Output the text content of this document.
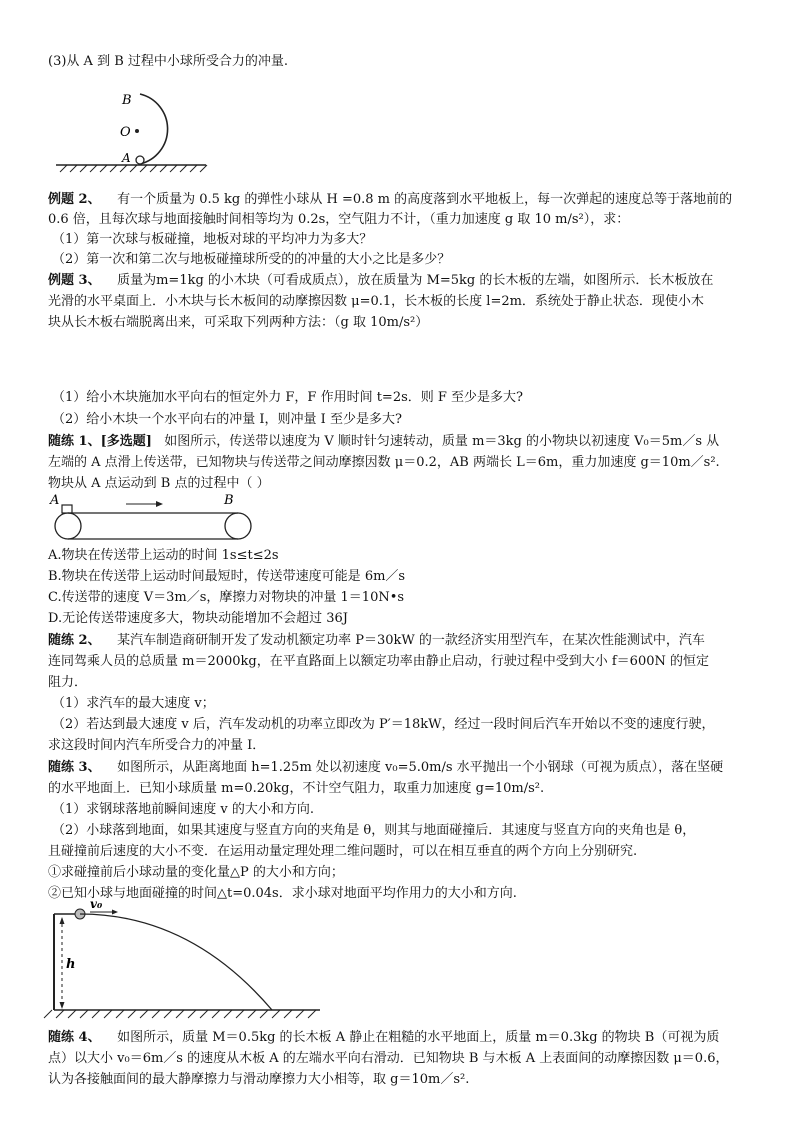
(3)从 A 到 B 过程中小球所受合力的冲量.
B
O
A
例题 2、 有一个质量为 0.5 kg 的弹性小球从 H =0.8 m 的高度落到水平地板上，每一次弹起的速度总等于落地前的
0.6 倍，且每次球与地面接触时间相等均为 0.2s，空气阻力不计，（重力加速度 g 取 10 m/s²），求：
（1）第一次球与板碰撞，地板对球的平均冲力为多大？
（2）第一次和第二次与地板碰撞球所受的的冲量的大小之比是多少？
例题 3、 质量为m=1kg 的小木块（可看成质点），放在质量为 M=5kg 的长木板的左端，如图所示．长木板放在
光滑的水平桌面上．小木块与长木板间的动摩擦因数 μ=0.1，长木板的长度 l=2m．系统处于静止状态．现使小木
块从长木板右端脱离出来，可采取下列两种方法：（g 取 10m/s²）
（1）给小木块施加水平向右的恒定外力 F，F 作用时间 t=2s．则 F 至少是多大?
（2）给小木块一个水平向右的冲量 I，则冲量 I 至少是多大?
随练 1、[多选题] 如图所示，传送带以速度为 V 顺时针匀速转动，质量 m＝3kg 的小物块以初速度 V₀＝5m／s 从
左端的 A 点滑上传送带，已知物块与传送带之间动摩擦因数 μ＝0.2，AB 两端长 L＝6m，重力加速度 g＝10m／s².
物块从 A 点运动到 B 点的过程中（ ）
A	B
A.物块在传送带上运动的时间 1s≤t≤2s
B.物块在传送带上运动时间最短时，传送带速度可能是 6m／s
C.传送带的速度 V＝3m／s，摩擦力对物块的冲量 1＝10N•s
D.无论传送带速度多大，物块动能增加不会超过 36J
随练 2、 某汽车制造商研制开发了发动机额定功率 P＝30kW 的一款经济实用型汽车，在某次性能测试中，汽车
连同驾乘人员的总质量 m＝2000kg，在平直路面上以额定功率由静止启动，行驶过程中受到大小 f＝600N 的恒定
阻力．
（1）求汽车的最大速度 v；
（2）若达到最大速度 v 后，汽车发动机的功率立即改为 P′＝18kW，经过一段时间后汽车开始以不变的速度行驶，
求这段时间内汽车所受合力的冲量 I．
随练 3、 如图所示，从距离地面 h=1.25m 处以初速度 v₀=5.0m/s 水平抛出一个小钢球（可视为质点），落在坚硬
的水平地面上．已知小球质量 m=0.20kg，不计空气阻力，取重力加速度 g=10m/s².
（1）求钢球落地前瞬间速度 v 的大小和方向.
（2）小球落到地面，如果其速度与竖直方向的夹角是 θ，则其与地面碰撞后．其速度与竖直方向的夹角也是 θ，
且碰撞前后速度的大小不变．在运用动量定理处理二维问题时，可以在相互垂直的两个方向上分别研究.
①求碰撞前后小球动量的变化量△P 的大小和方向；
②已知小球与地面碰撞的时间△t=0.04s．求小球对地面平均作用力的大小和方向.
v₀
h
随练 4、 如图所示，质量 M＝0.5kg 的长木板 A 静止在粗糙的水平地面上，质量 m＝0.3kg 的物块 B（可视为质
点）以大小 v₀＝6m／s 的速度从木板 A 的左端水平向右滑动．已知物块 B 与木板 A 上表面间的动摩擦因数 μ＝0.6，
认为各接触面间的最大静摩擦力与滑动摩擦力大小相等，取 g＝10m／s².
